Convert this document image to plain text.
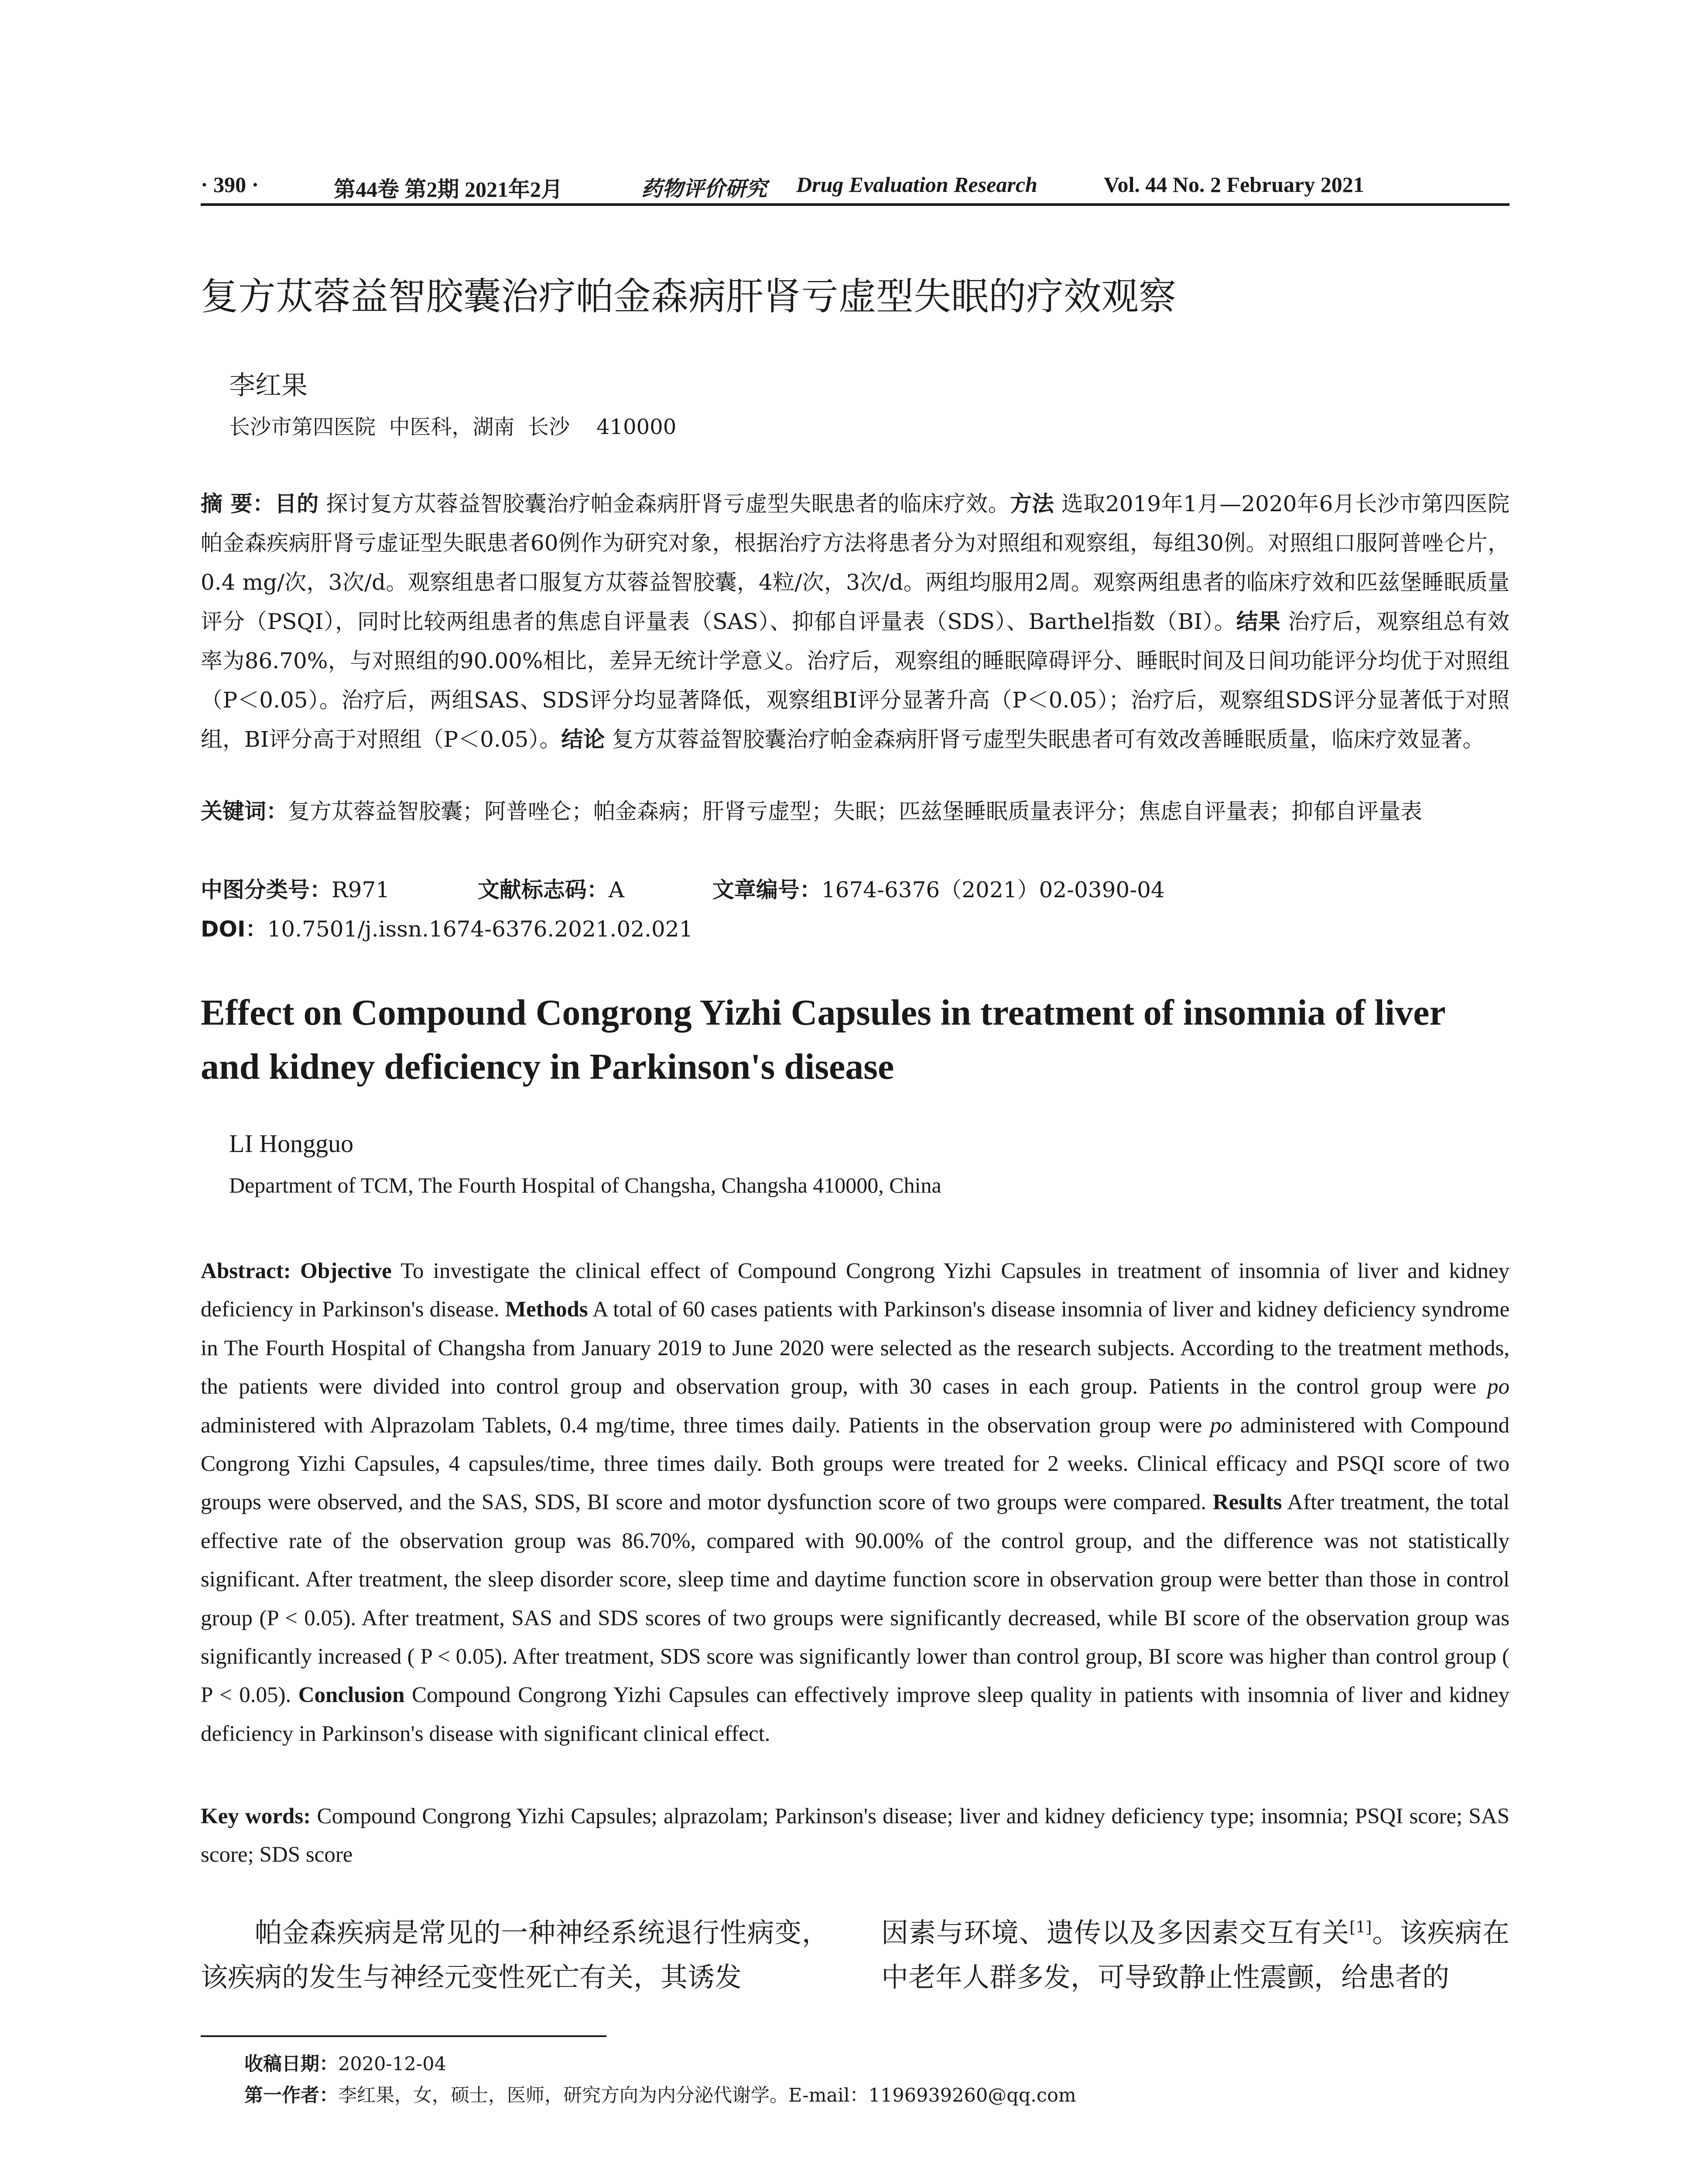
· 390 ·	第44卷 第2期 2021年2月	药物评价研究 Drug Evaluation Research	Vol. 44 No. 2 February 2021
复方苁蓉益智胶囊治疗帕金森病肝肾亏虚型失眠的疗效观察
李红果
长沙市第四医院  中医科，湖南  长沙    410000

摘 要：目的 探讨复方苁蓉益智胶囊治疗帕金森病肝肾亏虚型失眠患者的临床疗效。方法 选取2019年1月—2020年6月长沙市第四医院帕金森疾病肝肾亏虚证型失眠患者60例作为研究对象，根据治疗方法将患者分为对照组和观察组，每组30例。对照组口服阿普唑仑片，0.4 mg/次，3次/d。观察组患者口服复方苁蓉益智胶囊，4粒/次，3次/d。两组均服用2周。观察两组患者的临床疗效和匹兹堡睡眠质量评分（PSQI），同时比较两组患者的焦虑自评量表（SAS）、抑郁自评量表（SDS）、Barthel指数（BI）。结果 治疗后，观察组总有效率为86.70%，与对照组的90.00%相比，差异无统计学意义。治疗后，观察组的睡眠障碍评分、睡眠时间及日间功能评分均优于对照组（P＜0.05）。治疗后，两组SAS、SDS评分均显著降低，观察组BI评分显著升高（P＜0.05）；治疗后，观察组SDS评分显著低于对照组，BI评分高于对照组（P＜0.05）。结论 复方苁蓉益智胶囊治疗帕金森病肝肾亏虚型失眠患者可有效改善睡眠质量，临床疗效显著。

关键词：复方苁蓉益智胶囊；阿普唑仑；帕金森病；肝肾亏虚型；失眠；匹兹堡睡眠质量表评分；焦虑自评量表；抑郁自评量表

中图分类号：R971	文献标志码：A	文章编号：1674-6376（2021）02-0390-04

DOI：10.7501/j.issn.1674-6376.2021.02.021

Effect on Compound Congrong Yizhi Capsules in treatment of insomnia of liver and kidney deficiency in Parkinson's disease
LI Hongguo
Department of TCM, The Fourth Hospital of Changsha, Changsha 410000, China

Abstract: Objective To investigate the clinical effect of Compound Congrong Yizhi Capsules in treatment of insomnia of liver and kidney deficiency in Parkinson's disease. Methods A total of 60 cases patients with Parkinson's disease insomnia of liver and kidney deficiency syndrome in The Fourth Hospital of Changsha from January 2019 to June 2020 were selected as the research subjects. According to the treatment methods, the patients were divided into control group and observation group, with 30 cases in each group. Patients in the control group were po administered with Alprazolam Tablets, 0.4 mg/time, three times daily. Patients in the observation group were po administered with Compound Congrong Yizhi Capsules, 4 capsules/time, three times daily. Both groups were treated for 2 weeks. Clinical efficacy and PSQI score of two groups were observed, and the SAS, SDS, BI score and motor dysfunction score of two groups were compared. Results After treatment, the total effective rate of the observation group was 86.70%, compared with 90.00% of the control group, and the difference was not statistically significant. After treatment, the sleep disorder score, sleep time and daytime function score in observation group were better than those in control group (P < 0.05). After treatment, SAS and SDS scores of two groups were significantly decreased, while BI score of the observation group was significantly increased ( P < 0.05). After treatment, SDS score was significantly lower than control group, BI score was higher than control group ( P < 0.05). Conclusion Compound Congrong Yizhi Capsules can effectively improve sleep quality in patients with insomnia of liver and kidney deficiency in Parkinson's disease with significant clinical effect.

Key words: Compound Congrong Yizhi Capsules; alprazolam; Parkinson's disease; liver and kidney deficiency type; insomnia; PSQI score; SAS score; SDS score

帕金森疾病是常见的一种神经系统退行性病变，该疾病的发生与神经元变性死亡有关，其诱发

因素与环境、遗传以及多因素交互有关[1]。该疾病在中老年人群多发，可导致静止性震颤，给患者的

收稿日期：2020-12-04

第一作者：李红果，女，硕士，医师，研究方向为内分泌代谢学。E-mail：1196939260@qq.com
